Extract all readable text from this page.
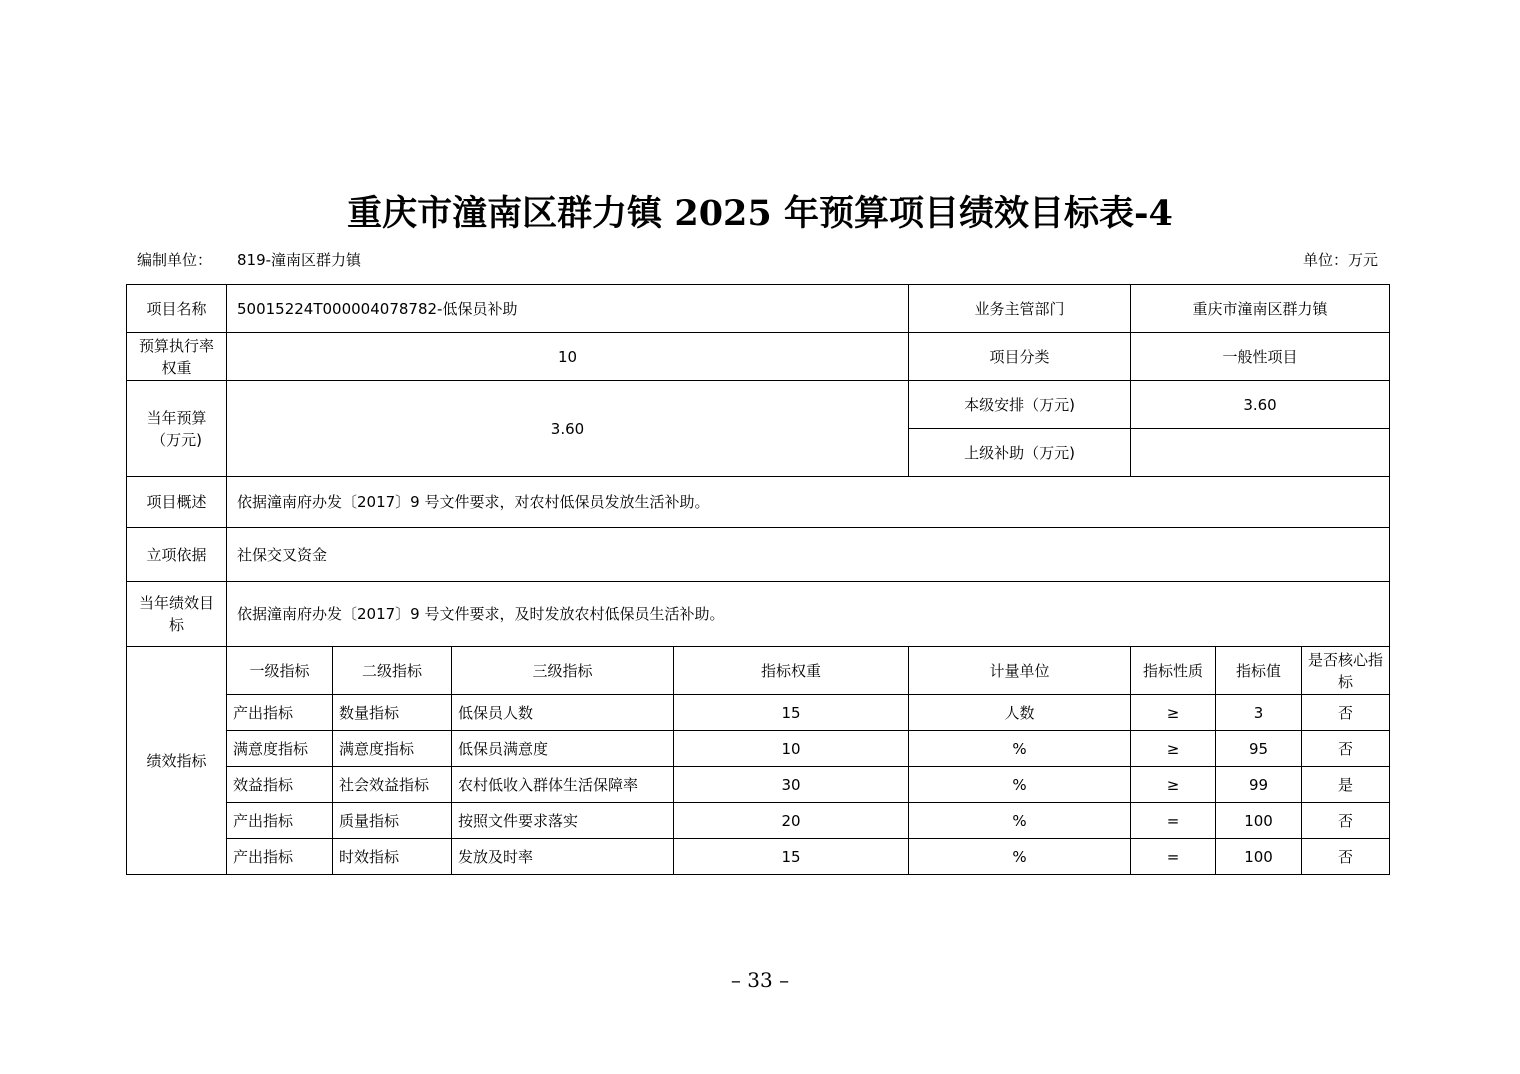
重庆市潼南区群力镇 2025 年预算项目绩效目标表-4
编制单位： 819-潼南区群力镇	单位：万元
项目名称	50015224T000004078782-低保员补助				业务主管部门	重庆市潼南区群力镇		
预算执行率权重	10				项目分类	一般性项目		
当年预算（万元)	3.60				本级安排（万元)	3.60		
					上级补助（万元)			
项目概述	依据潼南府办发〔2017〕9 号文件要求，对农村低保员发放生活补助。							
立项依据	社保交叉资金							
当年绩效目标	依据潼南府办发〔2017〕9 号文件要求，及时发放农村低保员生活补助。							
绩效指标	一级指标	二级指标	三级指标	指标权重	计量单位	指标性质	指标值	是否核心指标
	产出指标	数量指标	低保员人数	15	人数	≥	3	否
	满意度指标	满意度指标	低保员满意度	10	%	≥	95	否
	效益指标	社会效益指标	农村低收入群体生活保障率	30	%	≥	99	是
	产出指标	质量指标	按照文件要求落实	20	%	=	100	否
	产出指标	时效指标	发放及时率	15	%	=	100	否
– 33 –
